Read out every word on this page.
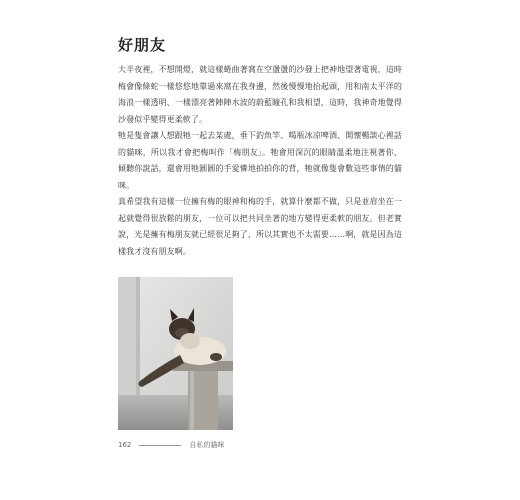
好朋友

大半夜裡，不想開燈，就這樣蜷曲著窩在空盪盪的沙發上把神地望著電視，這時梅會像條蛇一樣悠悠地靠過來窩在我身邊，然後慢慢地抬起頭，用和南太平洋的海浪一樣透明、一樣漂亮著陣陣水波的蔚藍瞳孔和我相望，這時，我神奇地覺得沙發似乎變得更柔軟了。

牠是隻會讓人想跟牠一起去某處，垂下釣魚竿、喝瓶冰凉啤酒、開懷暢談心裡話的貓咪，所以我才會把梅叫作「梅朋友」。牠會用深沉的眼睛溫柔地注視著你，傾聽你說話，還會用牠圓圓的手愛憐地拍拍你的背，牠就像隻會數這些事情的貓咪。

真希望我有這樣一位擁有梅的眼神和梅的手，就算什麼都不做，只是並肩坐在一起就覺得很放鬆的朋友，一位可以把共同坐著的地方變得更柔軟的朋友。但老實說，光是擁有梅朋友就已經很足夠了，所以其實也不太需要……啊，就是因為這樣我才沒有朋友啊。

162	自私的貓咪
